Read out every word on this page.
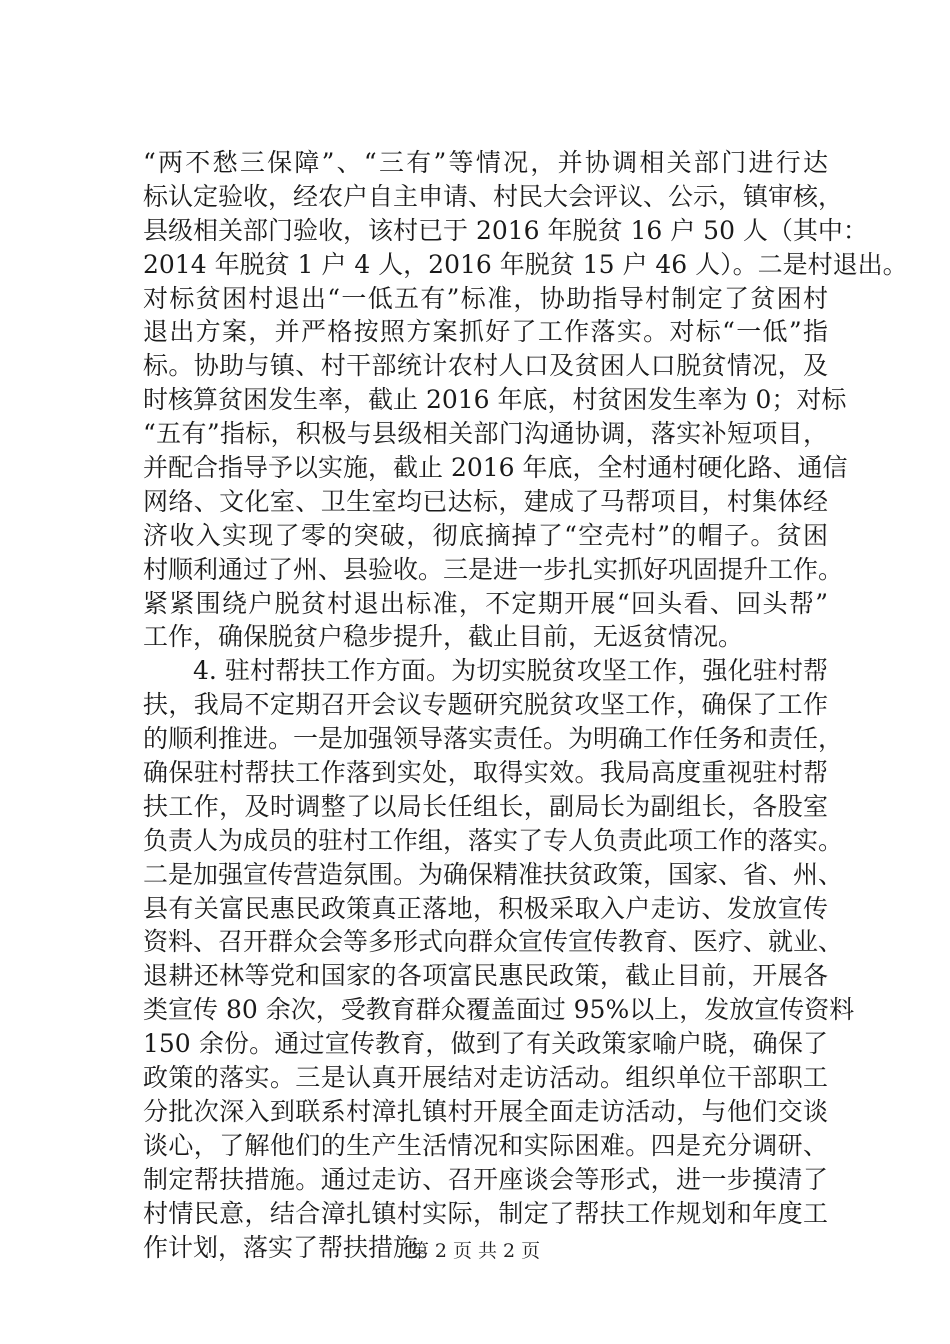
“两不愁三保障”、“三有”等情况，并协调相关部门进行达
标认定验收，经农户自主申请、村民大会评议、公示，镇审核，
县级相关部门验收，该村已于 2016 年脱贫 16 户 50 人（其中：
2014 年脱贫 1 户 4 人，2016 年脱贫 15 户 46 人）。二是村退出。
对标贫困村退出“一低五有”标准，协助指导村制定了贫困村
退出方案，并严格按照方案抓好了工作落实。对标“一低”指
标。协助与镇、村干部统计农村人口及贫困人口脱贫情况，及
时核算贫困发生率，截止 2016 年底，村贫困发生率为 0；对标
“五有”指标，积极与县级相关部门沟通协调，落实补短项目，
并配合指导予以实施，截止 2016 年底，全村通村硬化路、通信
网络、文化室、卫生室均已达标，建成了马帮项目，村集体经
济收入实现了零的突破，彻底摘掉了“空壳村”的帽子。贫困
村顺利通过了州、县验收。三是进一步扎实抓好巩固提升工作。
紧紧围绕户脱贫村退出标准，不定期开展“回头看、回头帮”
工作，确保脱贫户稳步提升，截止目前，无返贫情况。
4. 驻村帮扶工作方面。为切实脱贫攻坚工作，强化驻村帮
扶，我局不定期召开会议专题研究脱贫攻坚工作，确保了工作
的顺利推进。一是加强领导落实责任。为明确工作任务和责任，
确保驻村帮扶工作落到实处，取得实效。我局高度重视驻村帮
扶工作，及时调整了以局长任组长，副局长为副组长，各股室
负责人为成员的驻村工作组，落实了专人负责此项工作的落实。
二是加强宣传营造氛围。为确保精准扶贫政策，国家、省、州、
县有关富民惠民政策真正落地，积极采取入户走访、发放宣传
资料、召开群众会等多形式向群众宣传宣传教育、医疗、就业、
退耕还林等党和国家的各项富民惠民政策，截止目前，开展各
类宣传 80 余次，受教育群众覆盖面过 95%以上，发放宣传资料
150 余份。通过宣传教育，做到了有关政策家喻户晓，确保了
政策的落实。三是认真开展结对走访活动。组织单位干部职工
分批次深入到联系村漳扎镇村开展全面走访活动，与他们交谈
谈心，了解他们的生产生活情况和实际困难。四是充分调研、
制定帮扶措施。通过走访、召开座谈会等形式，进一步摸清了
村情民意，结合漳扎镇村实际，制定了帮扶工作规划和年度工
作计划，落实了帮扶措施。
第 2 页 共 2 页
